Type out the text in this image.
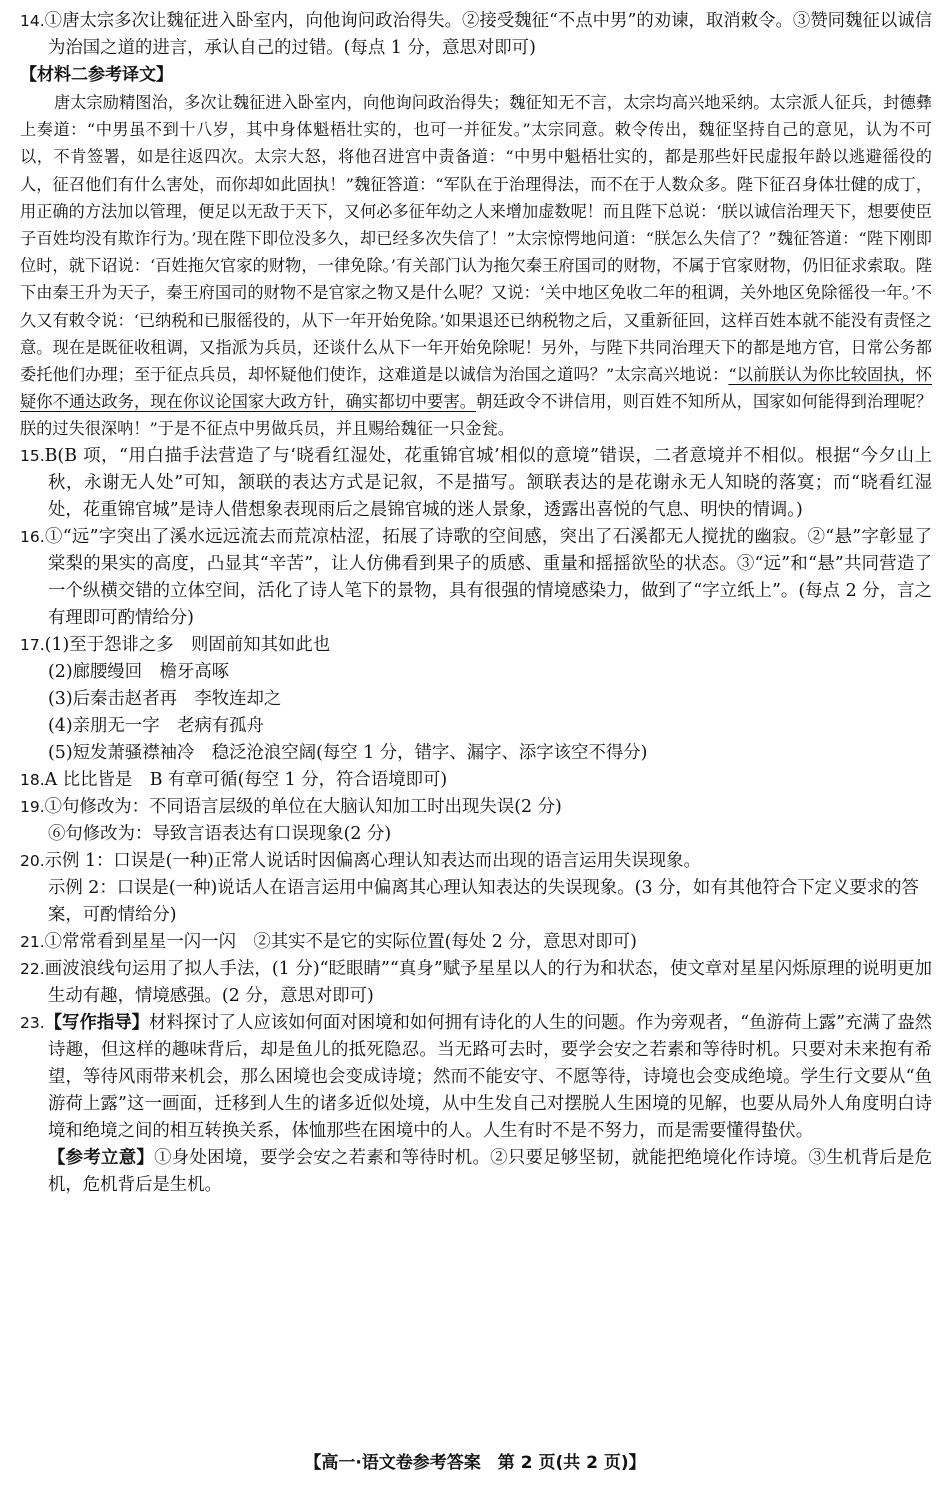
14.①唐太宗多次让魏征进入卧室内，向他询问政治得失。②接受魏征“不点中男”的劝谏，取消敕令。③赞同魏征以诚信为治国之道的进言，承认自己的过错。(每点 1 分，意思对即可)

【材料二参考译文】

唐太宗励精图治，多次让魏征进入卧室内，向他询问政治得失；魏征知无不言，太宗均高兴地采纳。太宗派人征兵，封德彝上奏道：“中男虽不到十八岁，其中身体魁梧壮实的，也可一并征发。”太宗同意。敕令传出，魏征坚持自己的意见，认为不可以，不肯签署，如是往返四次。太宗大怒，将他召进宫中责备道：“中男中魁梧壮实的，都是那些奸民虚报年龄以逃避徭役的人，征召他们有什么害处，而你却如此固执！”魏征答道：“军队在于治理得法，而不在于人数众多。陛下征召身体壮健的成丁，用正确的方法加以管理，便足以无敌于天下，又何必多征年幼之人来增加虚数呢！而且陛下总说：‘朕以诚信治理天下，想要使臣子百姓均没有欺诈行为。’现在陛下即位没多久，却已经多次失信了！”太宗惊愕地问道：“朕怎么失信了？”魏征答道：“陛下刚即位时，就下诏说：‘百姓拖欠官家的财物，一律免除。’有关部门认为拖欠秦王府国司的财物，不属于官家财物，仍旧征求索取。陛下由秦王升为天子，秦王府国司的财物不是官家之物又是什么呢？又说：‘关中地区免收二年的租调，关外地区免除徭役一年。’不久又有敕令说：‘已纳税和已服徭役的，从下一年开始免除。’如果退还已纳税物之后，又重新征回，这样百姓本就不能没有责怪之意。现在是既征收租调，又指派为兵员，还谈什么从下一年开始免除呢！另外，与陛下共同治理天下的都是地方官，日常公务都委托他们办理；至于征点兵员，却怀疑他们使诈，这难道是以诚信为治国之道吗？”太宗高兴地说：“以前朕认为你比较固执，怀疑你不通达政务，现在你议论国家大政方针，确实都切中要害。朝廷政令不讲信用，则百姓不知所从，国家如何能得到治理呢？朕的过失很深呐！”于是不征点中男做兵员，并且赐给魏征一只金瓮。

15.B(B 项，“用白描手法营造了与‘晓看红湿处，花重锦官城’相似的意境”错误，二者意境并不相似。根据“今夕山上秋，永谢无人处”可知，颔联的表达方式是记叙，不是描写。颔联表达的是花谢永无人知晓的落寞；而“晓看红湿处，花重锦官城”是诗人借想象表现雨后之晨锦官城的迷人景象，透露出喜悦的气息、明快的情调。)

16.①“远”字突出了溪水远远流去而荒凉枯涩，拓展了诗歌的空间感，突出了石溪都无人搅扰的幽寂。②“悬”字彰显了棠梨的果实的高度，凸显其“辛苦”，让人仿佛看到果子的质感、重量和摇摇欲坠的状态。③“远”和“悬”共同营造了一个纵横交错的立体空间，活化了诗人笔下的景物，具有很强的情境感染力，做到了“字立纸上”。(每点 2 分，言之有理即可酌情给分)

17.(1)至于怨诽之多　则固前知其如此也

(2)廊腰缦回　檐牙高啄

(3)后秦击赵者再　李牧连却之

(4)亲朋无一字　老病有孤舟

(5)短发萧骚襟袖冷　稳泛沧浪空阔(每空 1 分，错字、漏字、添字该空不得分)

18.A 比比皆是　B 有章可循(每空 1 分，符合语境即可)

19.①句修改为：不同语言层级的单位在大脑认知加工时出现失误(2 分)

⑥句修改为：导致言语表达有口误现象(2 分)

20.示例 1：口误是(一种)正常人说话时因偏离心理认知表达而出现的语言运用失误现象。

示例 2：口误是(一种)说话人在语言运用中偏离其心理认知表达的失误现象。(3 分，如有其他符合下定义要求的答案，可酌情给分)

21.①常常看到星星一闪一闪　②其实不是它的实际位置(每处 2 分，意思对即可)

22.画波浪线句运用了拟人手法，(1 分)“眨眼睛”“真身”赋予星星以人的行为和状态，使文章对星星闪烁原理的说明更加生动有趣，情境感强。(2 分，意思对即可)

23.【写作指导】材料探讨了人应该如何面对困境和如何拥有诗化的人生的问题。作为旁观者，“鱼游荷上露”充满了盎然诗趣，但这样的趣味背后，却是鱼儿的抵死隐忍。当无路可去时，要学会安之若素和等待时机。只要对未来抱有希望，等待风雨带来机会，那么困境也会变成诗境；然而不能安守、不愿等待，诗境也会变成绝境。学生行文要从“鱼游荷上露”这一画面，迁移到人生的诸多近似处境，从中生发自己对摆脱人生困境的见解，也要从局外人角度明白诗境和绝境之间的相互转换关系，体恤那些在困境中的人。人生有时不是不努力，而是需要懂得蛰伏。

【参考立意】①身处困境，要学会安之若素和等待时机。②只要足够坚韧，就能把绝境化作诗境。③生机背后是危机，危机背后是生机。

【高一·语文卷参考答案　第 2 页(共 2 页)】
